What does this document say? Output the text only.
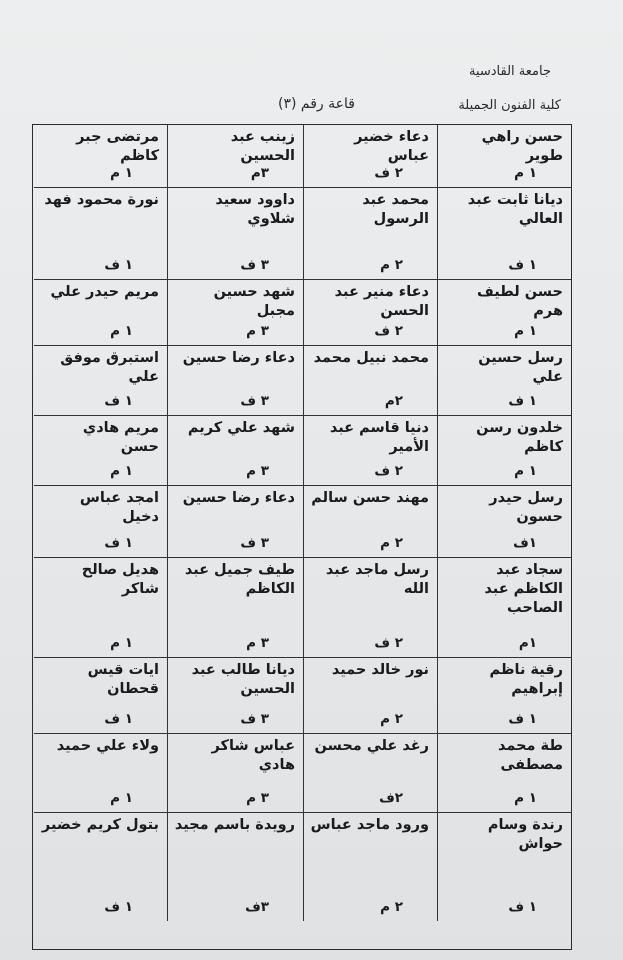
جامعة القادسية
كلية الفنون الجميلة
قاعة رقم (٣)
حسن راهي طوير
١ م
دعاء خضير عباس
٢ ف
زينب عبد الحسين
٣م
مرتضى جبر كاظم
١ م
ديانا ثابت عبد العالي
١ ف
محمد عبد الرسول
٢ م
داوود سعيد شلاوي
٣ ف
نورة محمود فهد
١ ف
حسن لطيف هرم
١ م
دعاء منير عبد الحسن
٢ ف
شهد حسين مجبل
٣ م
مريم حيدر علي
١ م
رسل حسين علي
١ ف
محمد نبيل محمد
٢م
دعاء رضا حسين
٣ ف
استبرق موفق علي
١ ف
خلدون رسن كاظم
١ م
دنيا قاسم عبد الأمير
٢ ف
شهد علي كريم
٣ م
مريم هادي حسن
١ م
رسل حيدر حسون
١ف
مهند حسن سالم
٢ م
دعاء رضا حسين
٣ ف
امجد عباس دخيل
١ ف
سجاد عبد الكاظم عبد الصاحب
١م
رسل ماجد عبد الله
٢ ف
طيف جميل عبد الكاظم
٣ م
هديل صالح شاكر
١ م
رقية ناظم إبراهيم
١ ف
نور خالد حميد
٢ م
ديانا طالب عبد الحسين
٣ ف
ايات قيس قحطان
١ ف
طة محمد مصطفى
١ م
رغد علي محسن
٢ف
عباس شاكر هادي
٣ م
ولاء علي حميد
١ م
رندة وسام حواش
١ ف
ورود ماجد عباس
٢ م
رويدة باسم مجيد
٣ف
بتول كريم خضير
١ ف
